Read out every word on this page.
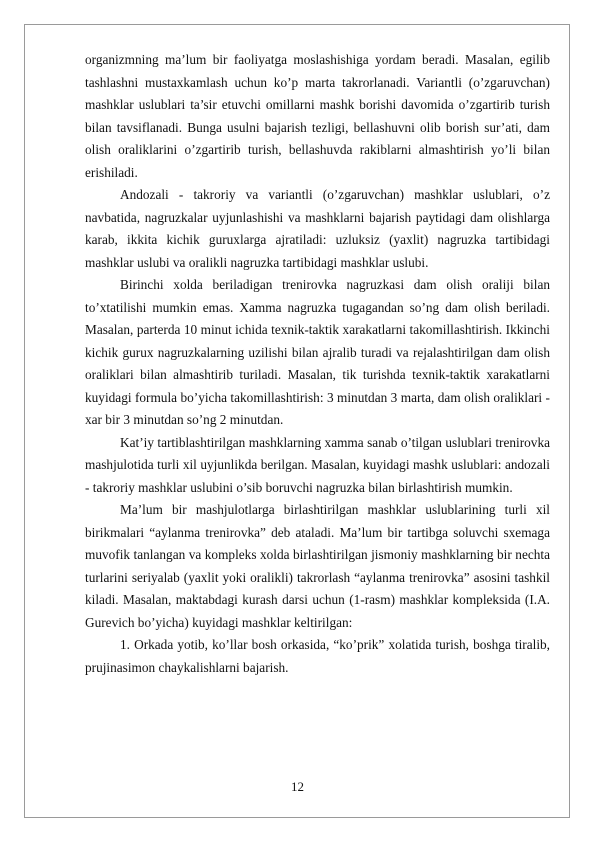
organizmning ma’lum bir faoliyatga moslashishiga yordam beradi. Masalan, egilib tashlashni mustaxkamlash uchun ko’p marta takrorlanadi. Variantli (o’zgaruvchan) mashklar uslublari ta’sir etuvchi omillarni mashk borishi davomida o’zgartirib turish bilan tavsiflanadi. Bunga usulni bajarish tezligi, bellashuvni olib borish sur’ati, dam olish oraliklarini o’zgartirib turish, bellashuvda rakiblarni almashtirish yo’li bilan erishiladi.

Andozali - takroriy va variantli (o’zgaruvchan) mashklar uslublari, o’z navbatida, nagruzkalar uyjunlashishi va mashklarni bajarish paytidagi dam olishlarga karab, ikkita kichik guruxlarga ajratiladi: uzluksiz (yaxlit) nagruzka tartibidagi mashklar uslubi va oralikli nagruzka tartibidagi mashklar uslubi.

Birinchi xolda beriladigan trenirovka nagruzkasi dam olish oraliji bilan to’xtatilishi mumkin emas. Xamma nagruzka tugagandan so’ng dam olish beriladi. Masalan, parterda 10 minut ichida texnik-taktik xarakatlarni takomillashtirish. Ikkinchi kichik gurux nagruzkalarning uzilishi bilan ajralib turadi va rejalashtirilgan dam olish oraliklari bilan almashtirib turiladi. Masalan, tik turishda texnik-taktik xarakatlarni kuyidagi formula bo’yicha takomillashtirish: 3 minutdan 3 marta, dam olish oraliklari - xar bir 3 minutdan so’ng 2 minutdan.

Kat’iy tartiblashtirilgan mashklarning xamma sanab o’tilgan uslublari trenirovka mashjulotida turli xil uyjunlikda berilgan. Masalan, kuyidagi mashk uslublari: andozali - takroriy mashklar uslubini o’sib boruvchi nagruzka bilan birlashtirish mumkin.

Ma’lum bir mashjulotlarga birlashtirilgan mashklar uslublarining turli xil birikmalari “aylanma trenirovka” deb ataladi. Ma’lum bir tartibga soluvchi sxemaga muvofik tanlangan va kompleks xolda birlashtirilgan jismoniy mashklarning bir nechta turlarini seriyalab (yaxlit yoki oralikli) takrorlash “aylanma trenirovka” asosini tashkil kiladi. Masalan, maktabdagi kurash darsi uchun (1-rasm) mashklar kompleksida (I.A. Gurevich bo’yicha) kuyidagi mashklar keltirilgan:

1. Orkada yotib, ko’llar bosh orkasida, “ko’prik” xolatida turish, boshga tiralib, prujinasimon chaykalishlarni bajarish.

12
